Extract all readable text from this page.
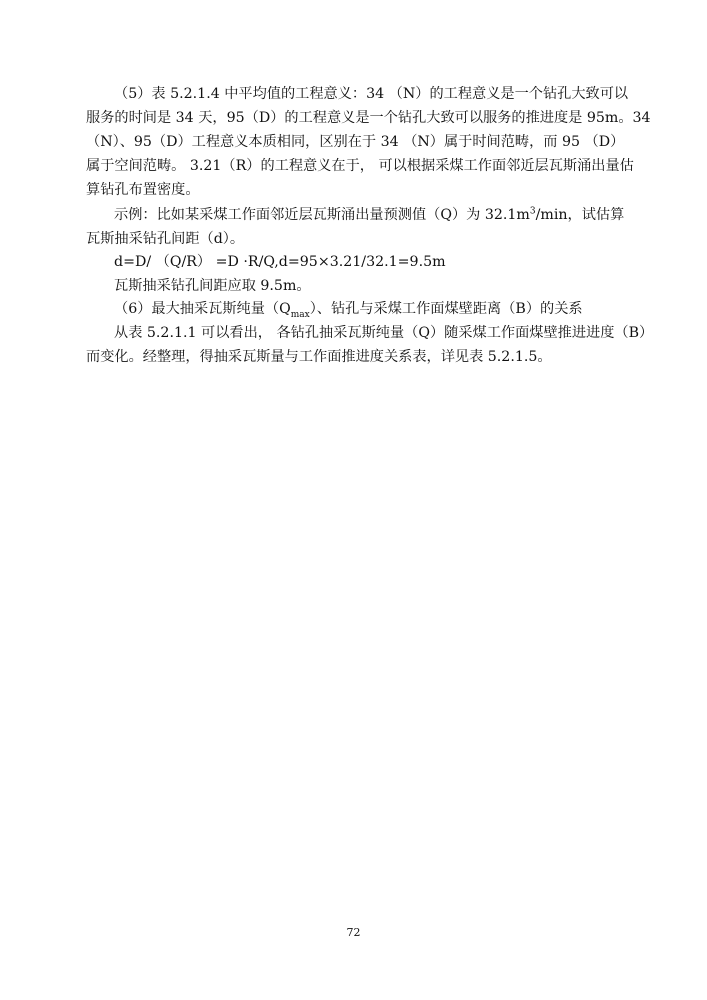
（5）表 5.2.1.4 中平均值的工程意义：34 （N）的工程意义是一个钻孔大致可以
服务的时间是 34 天，95（D）的工程意义是一个钻孔大致可以服务的推进度是 95m。34
（N）、95（D）工程意义本质相同，区别在于 34 （N）属于时间范畴，而 95 （D）
属于空间范畴。 3.21（R）的工程意义在于， 可以根据采煤工作面邻近层瓦斯涌出量估
算钻孔布置密度。

示例：比如某采煤工作面邻近层瓦斯涌出量预测值（Q）为 $32.1m^3/\min$，试估算
瓦斯抽采钻孔间距（d）。

d=D/ （Q/R） =D ·R/Q,d=95×3.21/32.1=9.5m

瓦斯抽采钻孔间距应取 9.5m。

（6）最大抽采瓦斯纯量$(Q_{max})$、钻孔与采煤工作面煤壁距离（B）的关系

从表 5.2.1.1 可以看出， 各钻孔抽采瓦斯纯量（Q）随采煤工作面煤壁推进进度（B）
而变化。经整理，得抽采瓦斯量与工作面推进度关系表，详见表 5.2.1.5。

72
